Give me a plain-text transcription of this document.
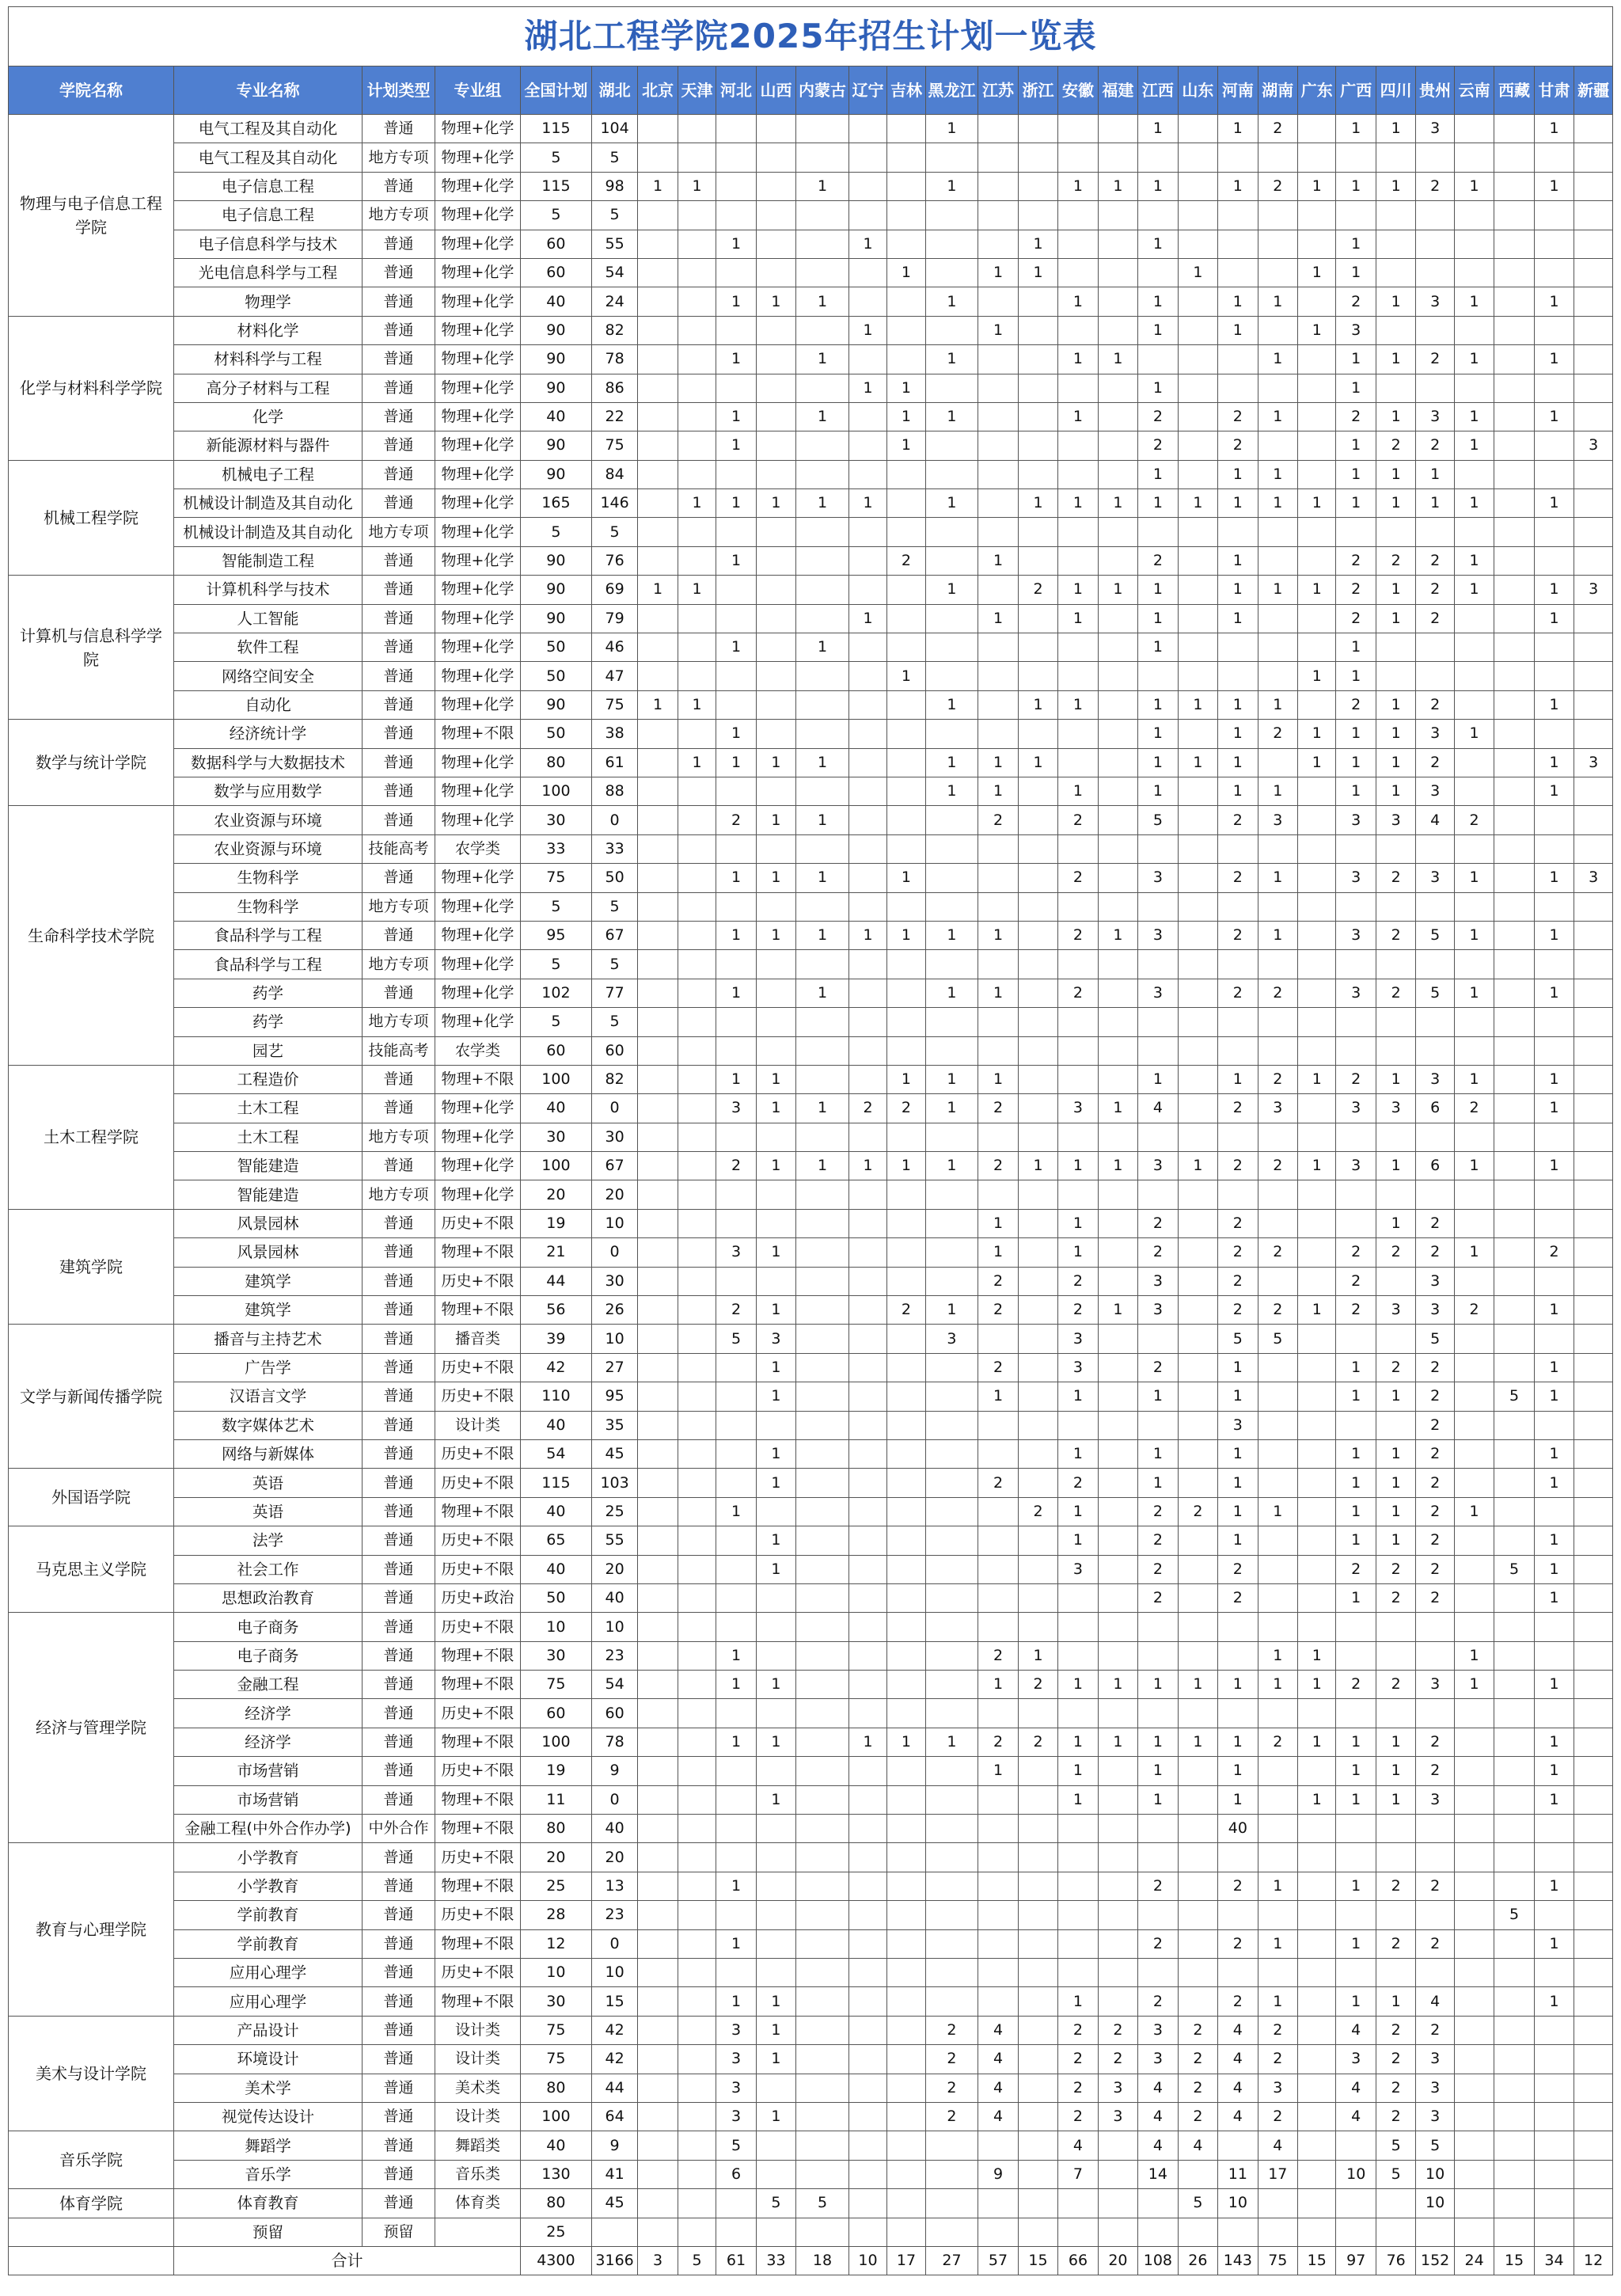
湖北工程学院2025年招生计划一览表																													
学院名称	专业名称	计划类型	专业组	全国计划	湖北	北京	天津	河北	山西	内蒙古	辽宁	吉林	黑龙江	江苏	浙江	安徽	福建	江西	山东	河南	湖南	广东	广西	四川	贵州	云南	西藏	甘肃	新疆
物理与电子信息工程学院	电气工程及其自动化	普通	物理+化学	115	104								1					1		1	2		1	1	3			1	
	电气工程及其自动化	地方专项	物理+化学	5	5																								
	电子信息工程	普通	物理+化学	115	98	1	1			1			1			1	1	1		1	2	1	1	1	2	1		1	
	电子信息工程	地方专项	物理+化学	5	5																								
	电子信息科学与技术	普通	物理+化学	60	55			1			1				1			1					1						
	光电信息科学与工程	普通	物理+化学	60	54							1		1	1				1			1	1						
	物理学	普通	物理+化学	40	24			1	1	1			1			1		1		1	1		2	1	3	1		1	
化学与材料科学学院	材料化学	普通	物理+化学	90	82						1			1				1		1		1	3						
	材料科学与工程	普通	物理+化学	90	78			1		1			1			1	1				1		1	1	2	1		1	
	高分子材料与工程	普通	物理+化学	90	86						1	1						1					1						
	化学	普通	物理+化学	40	22			1		1		1	1			1		2		2	1		2	1	3	1		1	
	新能源材料与器件	普通	物理+化学	90	75			1				1						2		2			1	2	2	1			3
机械工程学院	机械电子工程	普通	物理+化学	90	84													1		1	1		1	1	1				
	机械设计制造及其自动化	普通	物理+化学	165	146		1	1	1	1	1		1		1	1	1	1	1	1	1	1	1	1	1	1		1	
	机械设计制造及其自动化	地方专项	物理+化学	5	5																								
	智能制造工程	普通	物理+化学	90	76			1				2		1				2		1			2	2	2	1			
计算机与信息科学学院	计算机科学与技术	普通	物理+化学	90	69	1	1						1		2	1	1	1		1	1	1	2	1	2	1		1	3
	人工智能	普通	物理+化学	90	79						1			1		1		1		1			2	1	2			1	
	软件工程	普通	物理+化学	50	46			1		1								1					1						
	网络空间安全	普通	物理+化学	50	47							1										1	1						
	自动化	普通	物理+化学	90	75	1	1						1		1	1		1	1	1	1		2	1	2			1	
数学与统计学院	经济统计学	普通	物理+不限	50	38			1										1		1	2	1	1	1	3	1			
	数据科学与大数据技术	普通	物理+化学	80	61		1	1	1	1			1	1	1			1	1	1		1	1	1	2			1	3
	数学与应用数学	普通	物理+化学	100	88								1	1		1		1		1	1		1	1	3			1	
生命科学技术学院	农业资源与环境	普通	物理+化学	30	0			2	1	1				2		2		5		2	3		3	3	4	2			
	农业资源与环境	技能高考	农学类	33	33																								
	生物科学	普通	物理+化学	75	50			1	1	1		1				2		3		2	1		3	2	3	1		1	3
	生物科学	地方专项	物理+化学	5	5																								
	食品科学与工程	普通	物理+化学	95	67			1	1	1	1	1	1	1		2	1	3		2	1		3	2	5	1		1	
	食品科学与工程	地方专项	物理+化学	5	5																								
	药学	普通	物理+化学	102	77			1		1			1	1		2		3		2	2		3	2	5	1		1	
	药学	地方专项	物理+化学	5	5																								
	园艺	技能高考	农学类	60	60																								
土木工程学院	工程造价	普通	物理+不限	100	82			1	1			1	1	1				1		1	2	1	2	1	3	1		1	
	土木工程	普通	物理+化学	40	0			3	1	1	2	2	1	2		3	1	4		2	3		3	3	6	2		1	
	土木工程	地方专项	物理+化学	30	30																								
	智能建造	普通	物理+化学	100	67			2	1	1	1	1	1	2	1	1	1	3	1	2	2	1	3	1	6	1		1	
	智能建造	地方专项	物理+化学	20	20																								
建筑学院	风景园林	普通	历史+不限	19	10									1		1		2		2				1	2				
	风景园林	普通	物理+不限	21	0			3	1					1		1		2		2	2		2	2	2	1		2	
	建筑学	普通	历史+不限	44	30									2		2		3		2			2		3				
	建筑学	普通	物理+不限	56	26			2	1			2	1	2		2	1	3		2	2	1	2	3	3	2		1	
文学与新闻传播学院	播音与主持艺术	普通	播音类	39	10			5	3				3			3				5	5				5				
	广告学	普通	历史+不限	42	27				1					2		3		2		1			1	2	2			1	
	汉语言文学	普通	历史+不限	110	95				1					1		1		1		1			1	1	2		5	1	
	数字媒体艺术	普通	设计类	40	35															3					2				
	网络与新媒体	普通	历史+不限	54	45				1							1		1		1			1	1	2			1	
外国语学院	英语	普通	历史+不限	115	103				1					2		2		1		1			1	1	2			1	
	英语	普通	物理+不限	40	25			1							2	1		2	2	1	1		1	1	2	1			
马克思主义学院	法学	普通	历史+不限	65	55				1							1		2		1			1	1	2			1	
	社会工作	普通	历史+不限	40	20				1							3		2		2			2	2	2		5	1	
	思想政治教育	普通	历史+政治	50	40													2		2			1	2	2			1	
经济与管理学院	电子商务	普通	历史+不限	10	10																								
	电子商务	普通	物理+不限	30	23			1						2	1						1	1				1			
	金融工程	普通	物理+不限	75	54			1	1					1	2	1	1	1	1	1	1	1	2	2	3	1		1	
	经济学	普通	历史+不限	60	60																								
	经济学	普通	物理+不限	100	78			1	1		1	1	1	2	2	1	1	1	1	1	2	1	1	1	2			1	
	市场营销	普通	历史+不限	19	9									1		1		1		1			1	1	2			1	
	市场营销	普通	物理+不限	11	0				1							1		1		1		1	1	1	3			1	
	金融工程(中外合作办学)	中外合作	物理+不限	80	40															40									
教育与心理学院	小学教育	普通	历史+不限	20	20																								
	小学教育	普通	物理+不限	25	13			1										2		2	1		1	2	2			1	
	学前教育	普通	历史+不限	28	23																						5		
	学前教育	普通	物理+不限	12	0			1										2		2	1		1	2	2			1	
	应用心理学	普通	历史+不限	10	10																								
	应用心理学	普通	物理+不限	30	15			1	1							1		2		2	1		1	1	4			1	
美术与设计学院	产品设计	普通	设计类	75	42			3	1				2	4		2	2	3	2	4	2		4	2	2				
	环境设计	普通	设计类	75	42			3	1				2	4		2	2	3	2	4	2		3	2	3				
	美术学	普通	美术类	80	44			3					2	4		2	3	4	2	4	3		4	2	3				
	视觉传达设计	普通	设计类	100	64			3	1				2	4		2	3	4	2	4	2		4	2	3				
音乐学院	舞蹈学	普通	舞蹈类	40	9			5								4		4	4		4			5	5				
	音乐学	普通	音乐类	130	41			6						9		7		14		11	17		10	5	10				
体育学院	体育教育	普通	体育类	80	45				5	5									5	10					10				
	预留	预留		25																									
	合计			4300	3166	3	5	61	33	18	10	17	27	57	15	66	20	108	26	143	75	15	97	76	152	24	15	34	12
